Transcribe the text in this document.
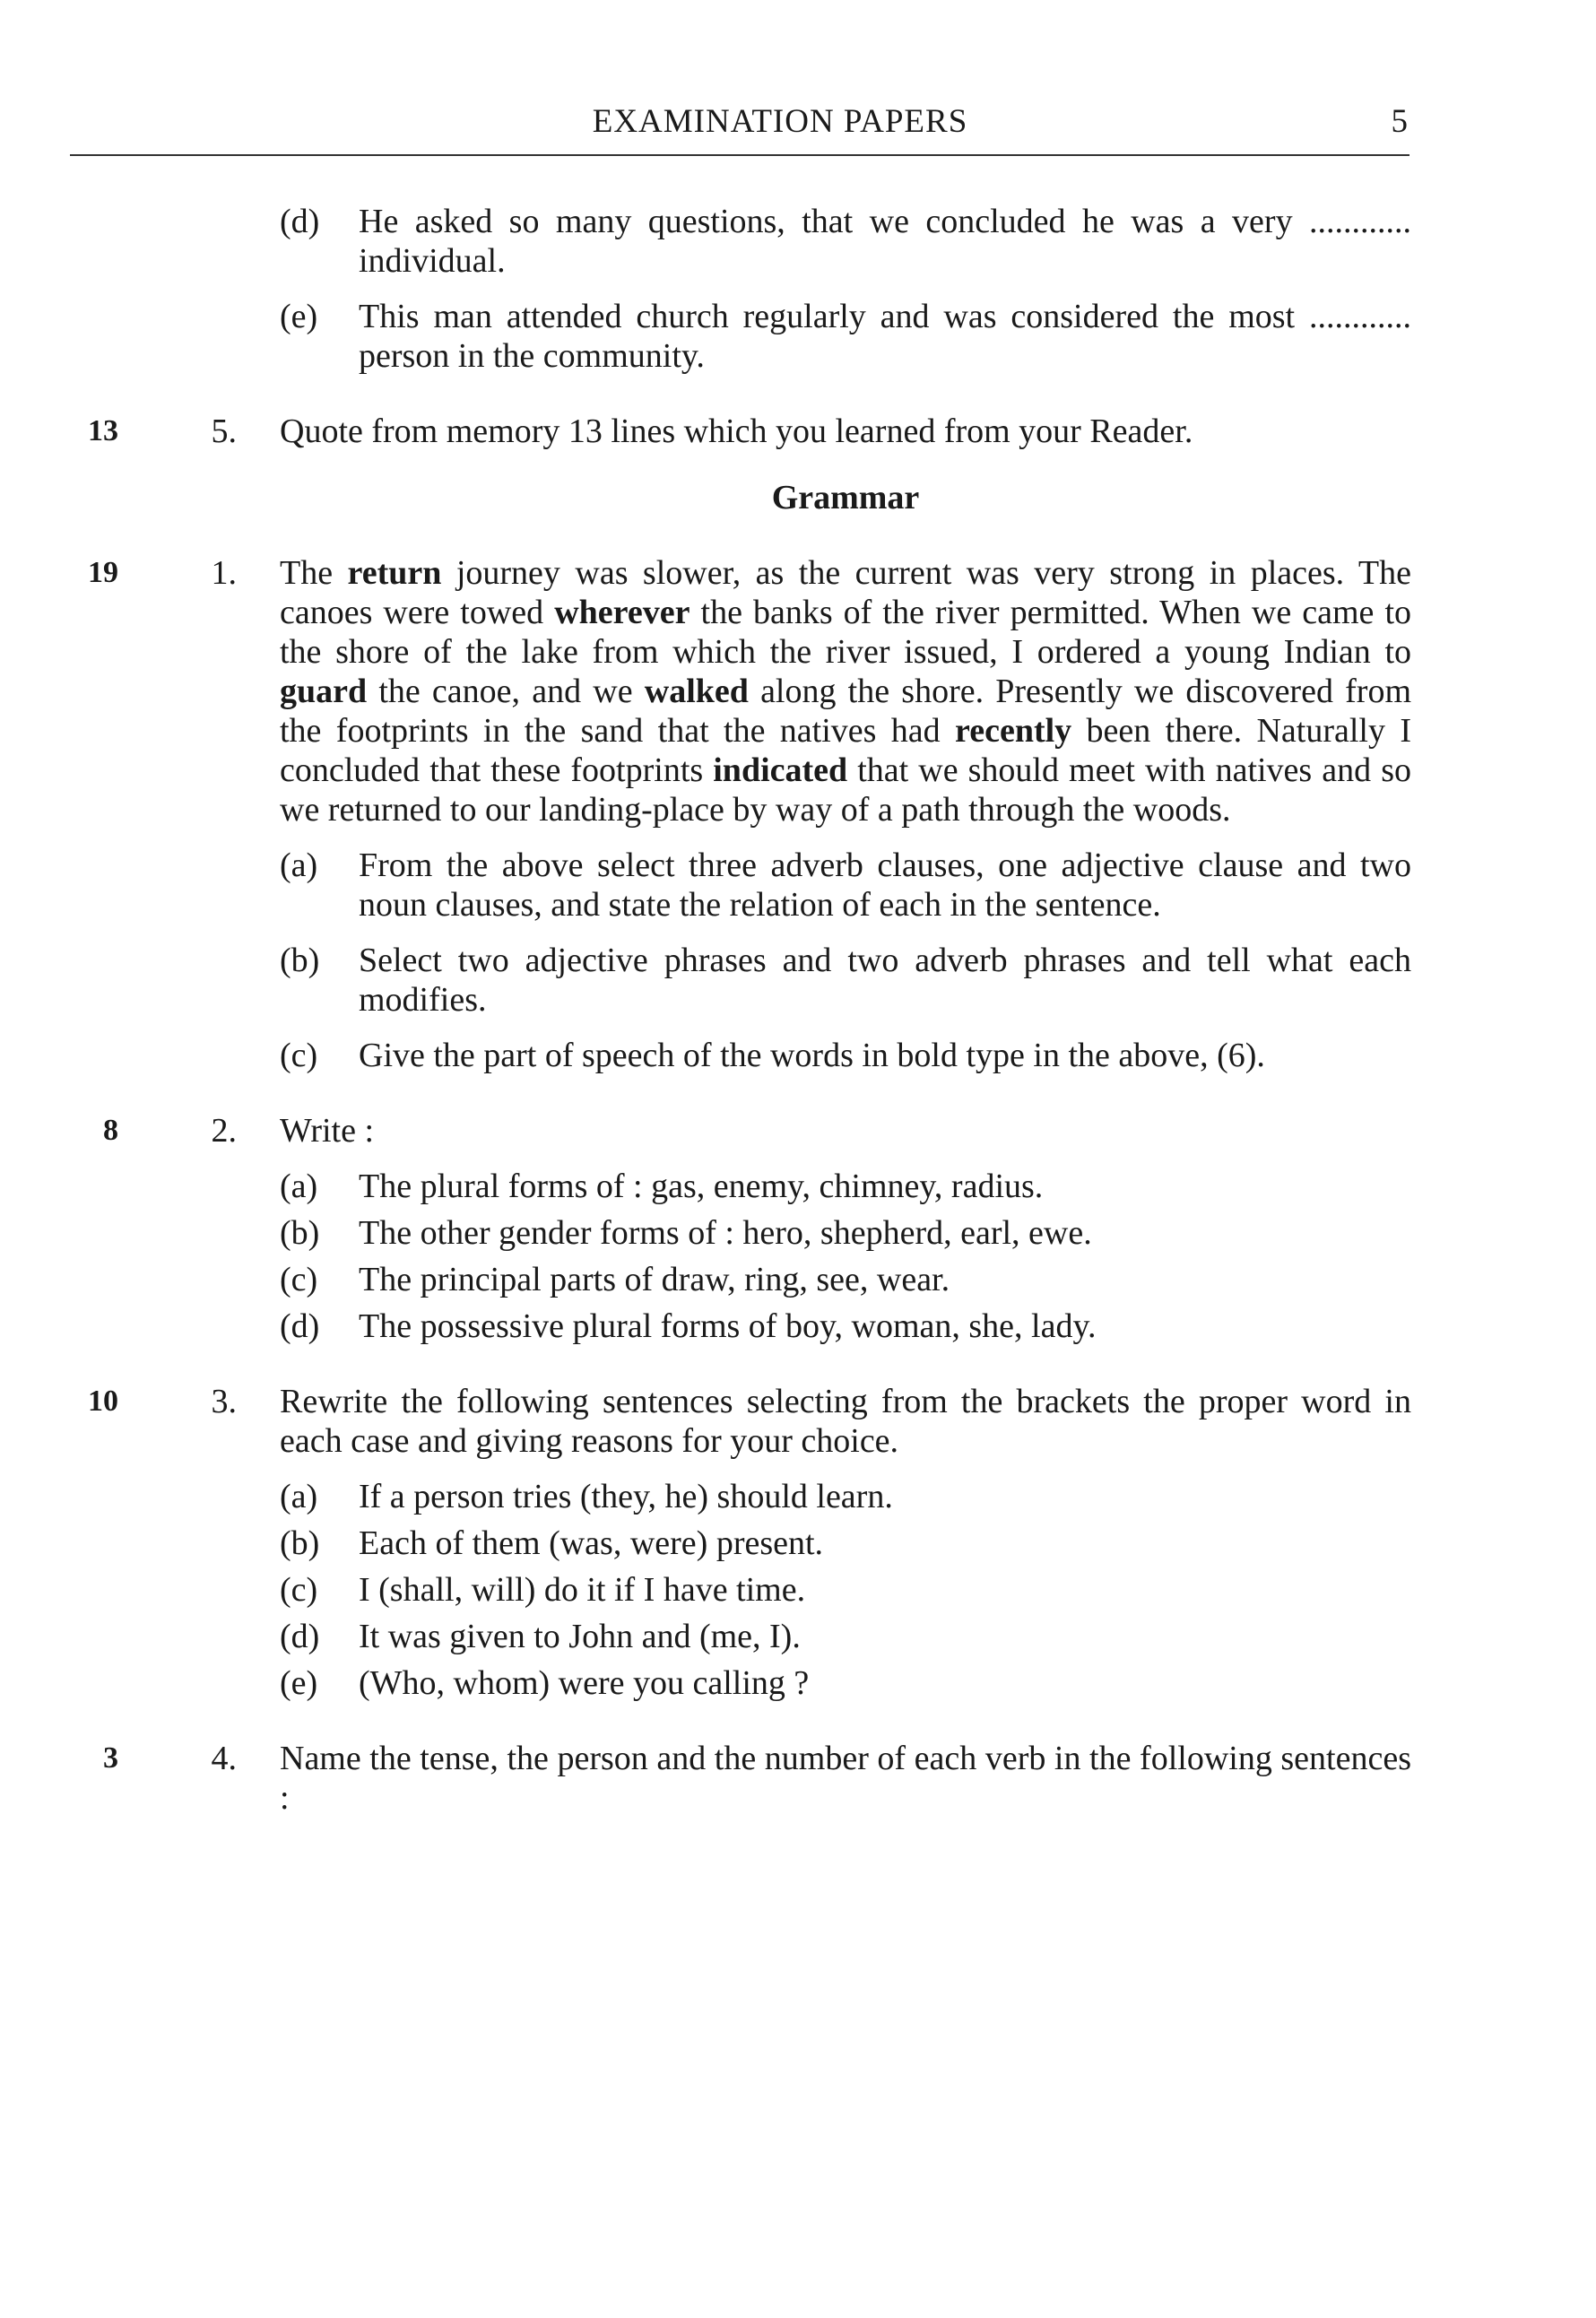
EXAMINATION PAPERS	5
(d) He asked so many questions, that we concluded he was a very ............ individual.
(e) This man attended church regularly and was considered the most ............ person in the community.
13	5. Quote from memory 13 lines which you learned from your Reader.
Grammar
19	1. The return journey was slower, as the current was very strong in places. The canoes were towed wherever the banks of the river permitted. When we came to the shore of the lake from which the river issued, I ordered a young Indian to guard the canoe, and we walked along the shore. Presently we discovered from the footprints in the sand that the natives had recently been there. Naturally I concluded that these footprints indicated that we should meet with natives and so we returned to our landing-place by way of a path through the woods.
(a) From the above select three adverb clauses, one adjective clause and two noun clauses, and state the relation of each in the sentence.
(b) Select two adjective phrases and two adverb phrases and tell what each modifies.
(c) Give the part of speech of the words in bold type in the above, (6).
8	2. Write :
(a) The plural forms of : gas, enemy, chimney, radius.
(b) The other gender forms of : hero, shepherd, earl, ewe.
(c) The principal parts of draw, ring, see, wear.
(d) The possessive plural forms of boy, woman, she, lady.
10	3. Rewrite the following sentences selecting from the brackets the proper word in each case and giving reasons for your choice.
(a) If a person tries (they, he) should learn.
(b) Each of them (was, were) present.
(c) I (shall, will) do it if I have time.
(d) It was given to John and (me, I).
(e) (Who, whom) were you calling ?
3	4. Name the tense, the person and the number of each verb in the following sentences :
